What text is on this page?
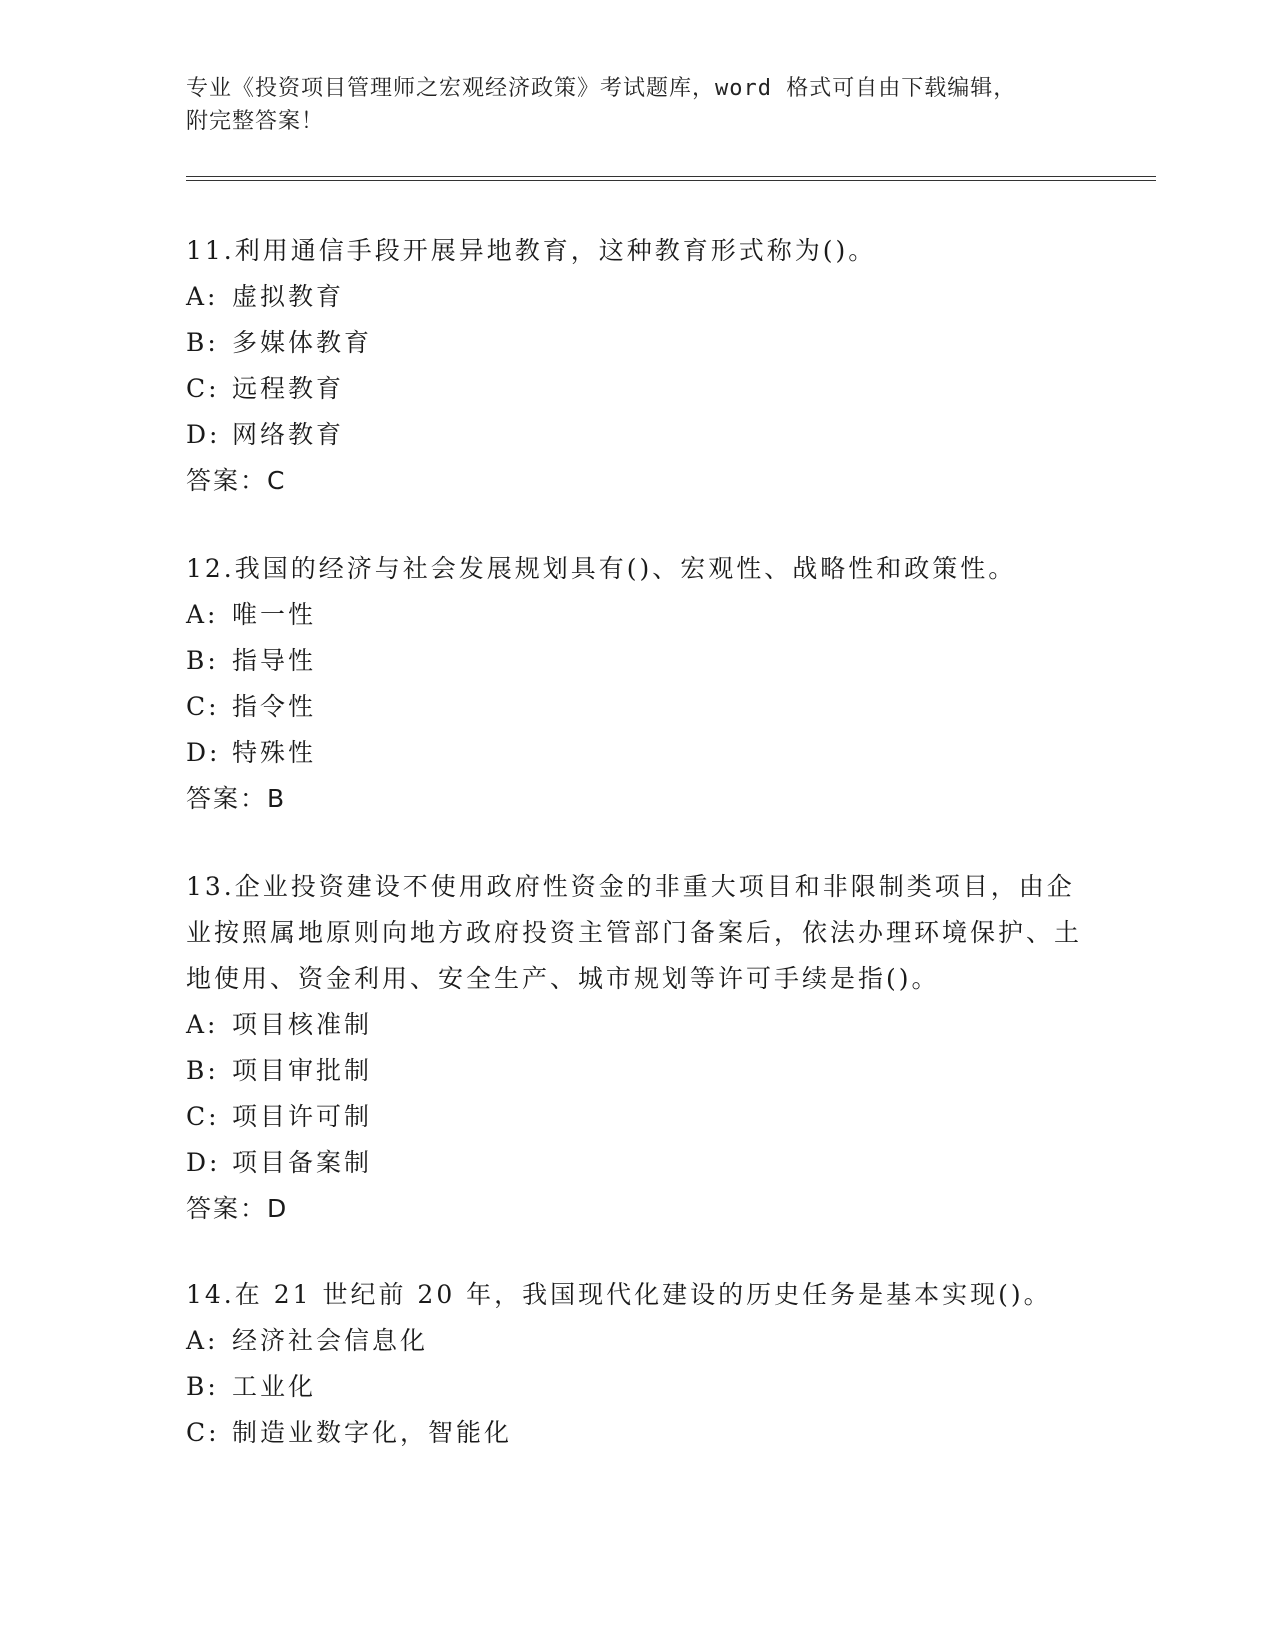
专业《投资项目管理师之宏观经济政策》考试题库，word 格式可自由下载编辑，
附完整答案！

11.利用通信手段开展异地教育，这种教育形式称为()。

A: 虚拟教育

B: 多媒体教育

C: 远程教育

D: 网络教育

答案：C

12.我国的经济与社会发展规划具有()、宏观性、战略性和政策性。

A: 唯一性

B: 指导性

C: 指令性

D: 特殊性

答案：B

13.企业投资建设不使用政府性资金的非重大项目和非限制类项目，由企业按照属地原则向地方政府投资主管部门备案后，依法办理环境保护、土地使用、资金利用、安全生产、城市规划等许可手续是指()。

A: 项目核准制

B: 项目审批制

C: 项目许可制

D: 项目备案制

答案：D

14.在 21 世纪前 20 年，我国现代化建设的历史任务是基本实现()。

A: 经济社会信息化

B: 工业化

C: 制造业数字化，智能化
